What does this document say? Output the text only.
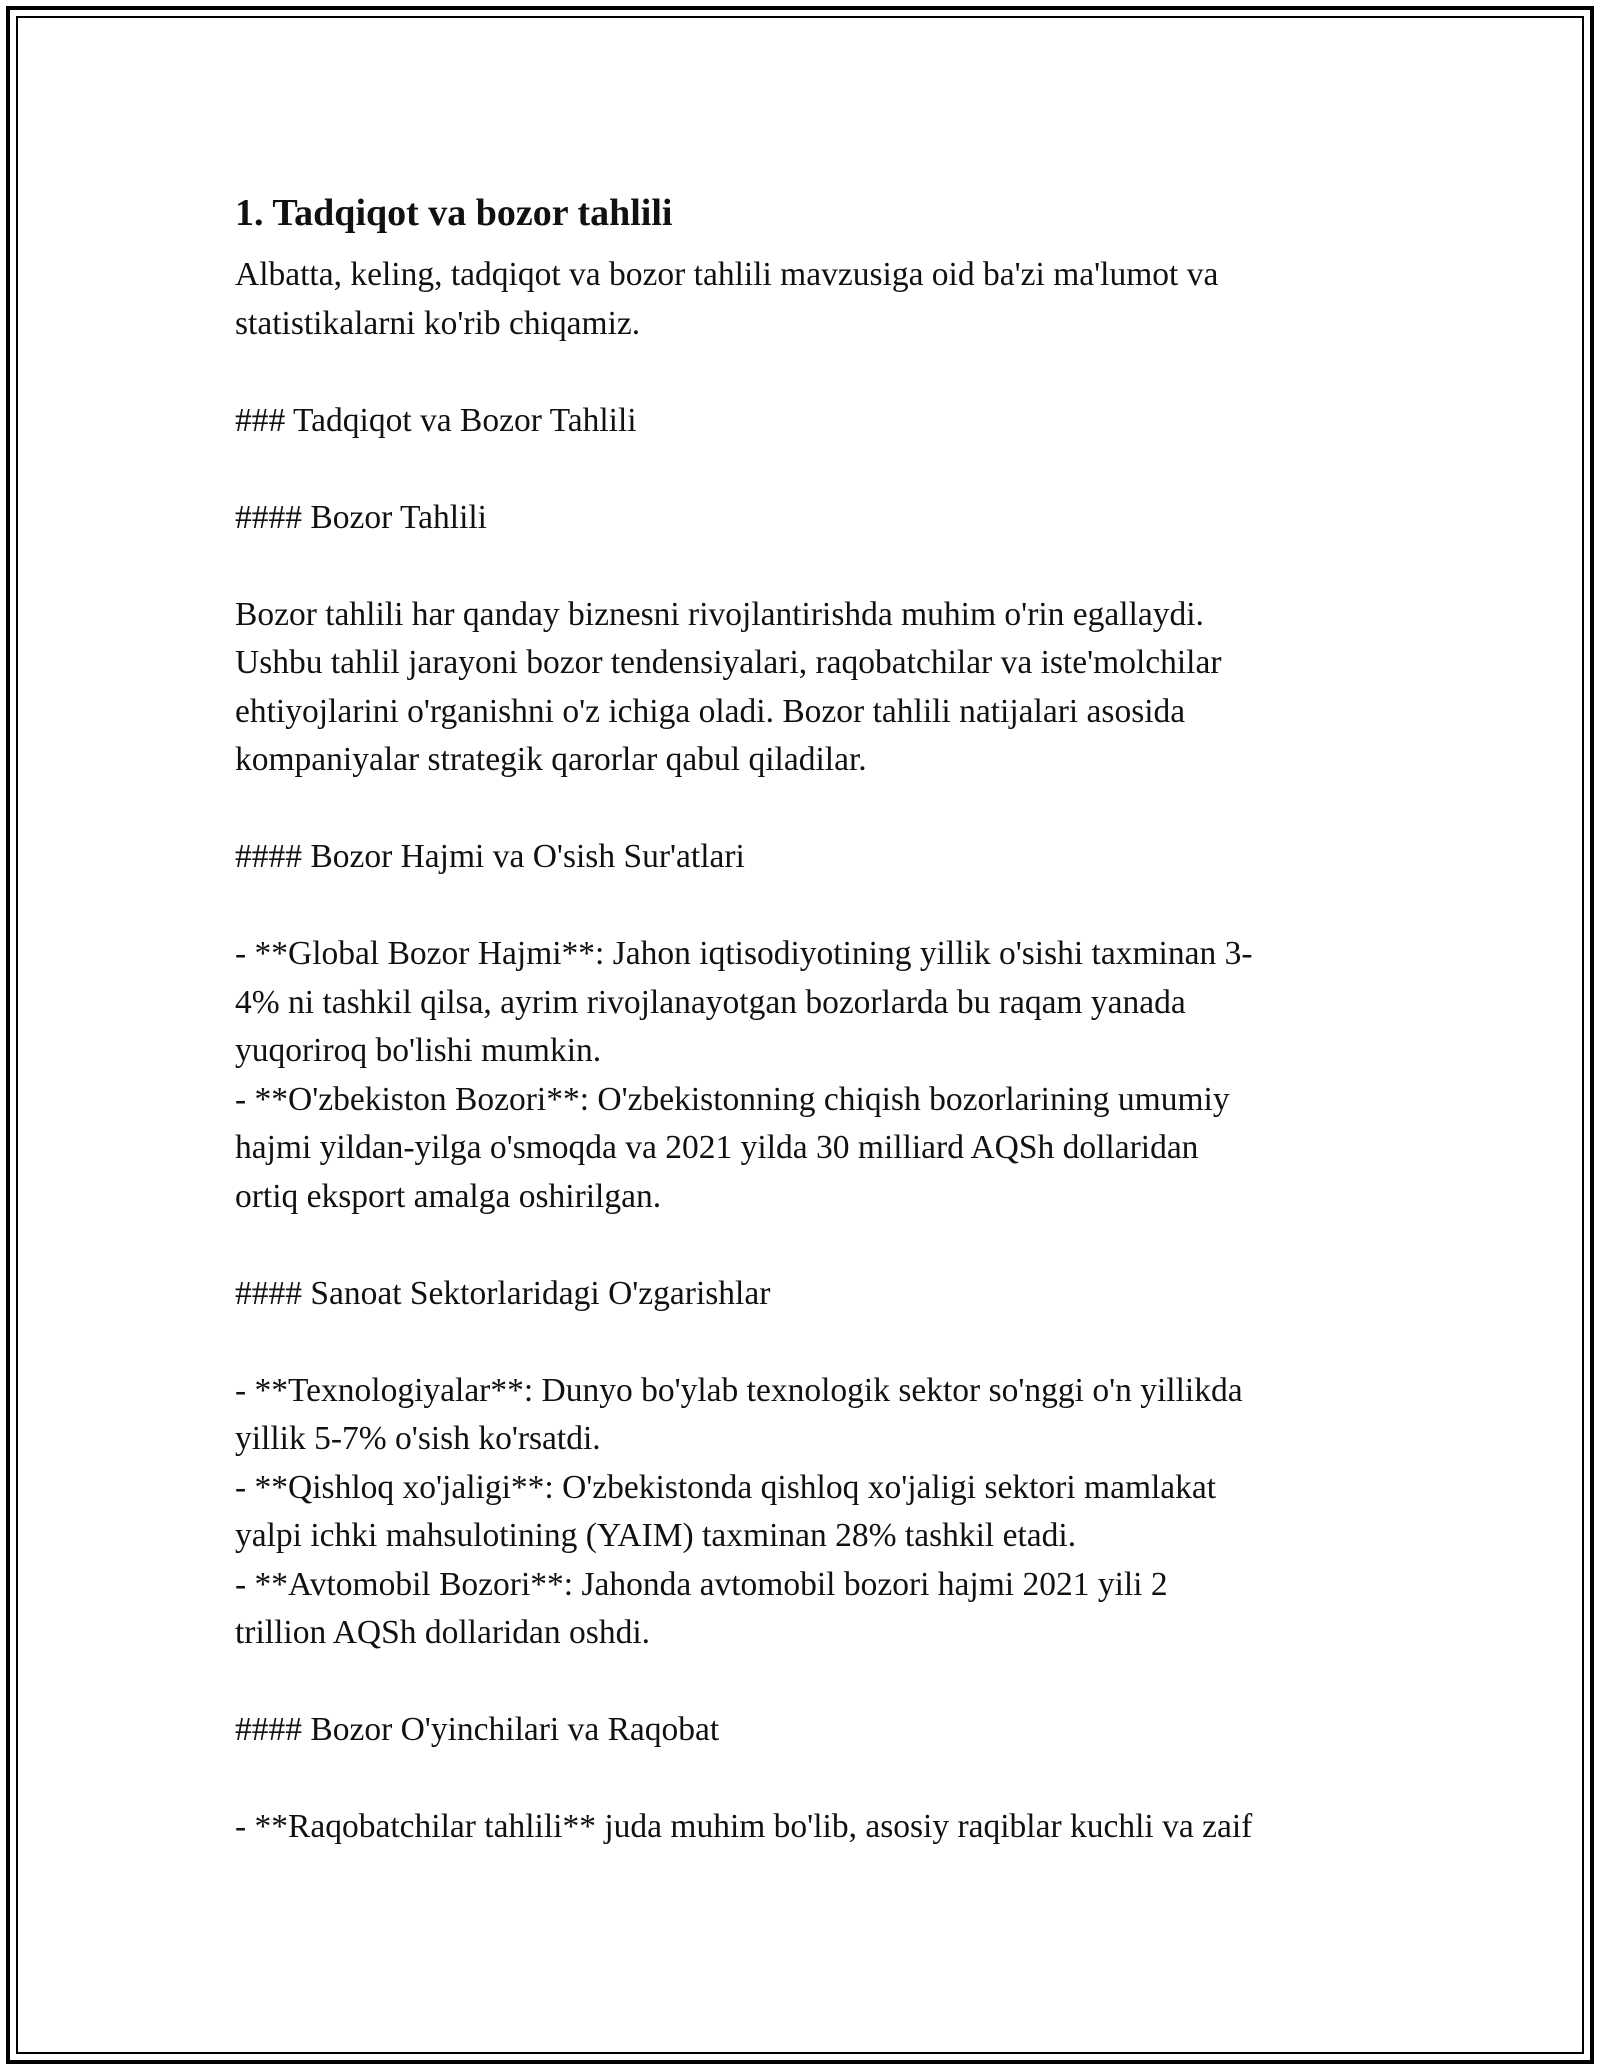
1. Tadqiqot va bozor tahlili

Albatta, keling, tadqiqot va bozor tahlili mavzusiga oid ba'zi ma'lumot va
statistikalarni ko'rib chiqamiz.

### Tadqiqot va Bozor Tahlili

#### Bozor Tahlili

Bozor tahlili har qanday biznesni rivojlantirishda muhim o'rin egallaydi.
Ushbu tahlil jarayoni bozor tendensiyalari, raqobatchilar va iste'molchilar
ehtiyojlarini o'rganishni o'z ichiga oladi. Bozor tahlili natijalari asosida
kompaniyalar strategik qarorlar qabul qiladilar.

#### Bozor Hajmi va O'sish Sur'atlari

- **Global Bozor Hajmi**: Jahon iqtisodiyotining yillik o'sishi taxminan 3-
4% ni tashkil qilsa, ayrim rivojlanayotgan bozorlarda bu raqam yanada
yuqoriroq bo'lishi mumkin.
- **O'zbekiston Bozori**: O'zbekistonning chiqish bozorlarining umumiy
hajmi yildan-yilga o'smoqda va 2021 yilda 30 milliard AQSh dollaridan
ortiq eksport amalga oshirilgan.

#### Sanoat Sektorlaridagi O'zgarishlar

- **Texnologiyalar**: Dunyo bo'ylab texnologik sektor so'nggi o'n yillikda
yillik 5-7% o'sish ko'rsatdi.
- **Qishloq xo'jaligi**: O'zbekistonda qishloq xo'jaligi sektori mamlakat
yalpi ichki mahsulotining (YAIM) taxminan 28% tashkil etadi.
- **Avtomobil Bozori**: Jahonda avtomobil bozori hajmi 2021 yili 2
trillion AQSh dollaridan oshdi.

#### Bozor O'yinchilari va Raqobat

- **Raqobatchilar tahlili** juda muhim bo'lib, asosiy raqiblar kuchli va zaif
